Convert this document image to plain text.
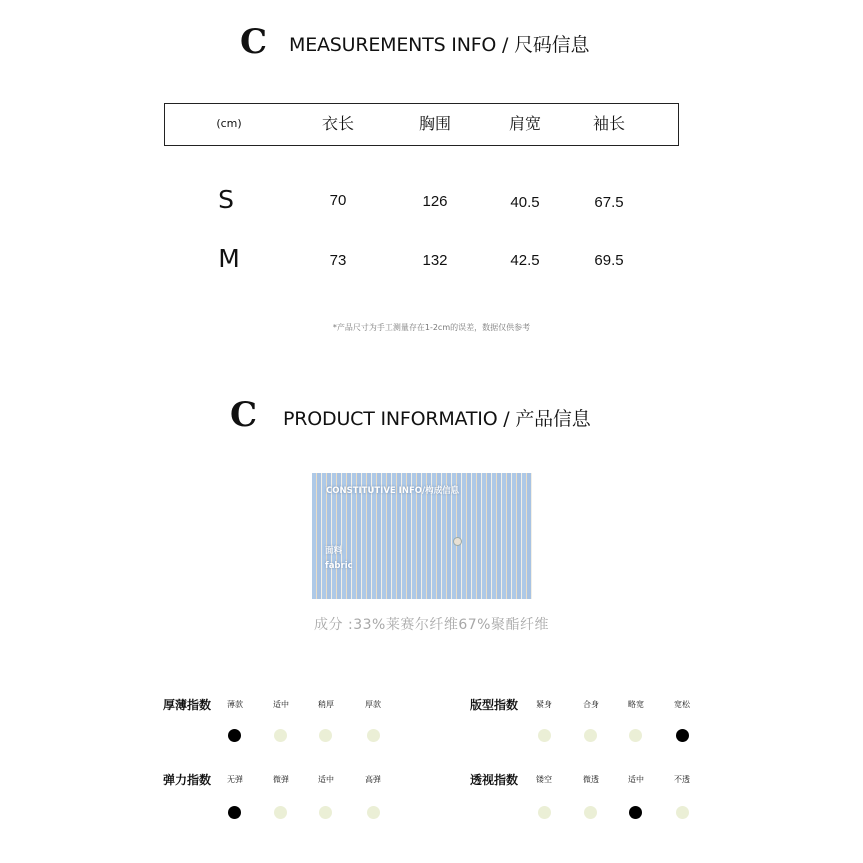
C MEASUREMENTS INFO / 尺码信息
(cm)	衣长	胸围	肩宽	袖长
S	70	126	40.5	67.5
M	73	132	42.5	69.5
*产品尺寸为手工测量存在1-2cm的误差，数据仅供参考
C PRODUCT INFORMATIO / 产品信息
CONSTITUTIVE INFO/构成信息
面料
fabric
成分 :33%莱赛尔纤维67%聚酯纤维
厚薄指数	薄款	适中	稍厚	厚款	版型指数	紧身	合身	略宽	宽松
弹力指数	无弹	微弹	适中	高弹	透视指数	镂空	微透	适中	不透
